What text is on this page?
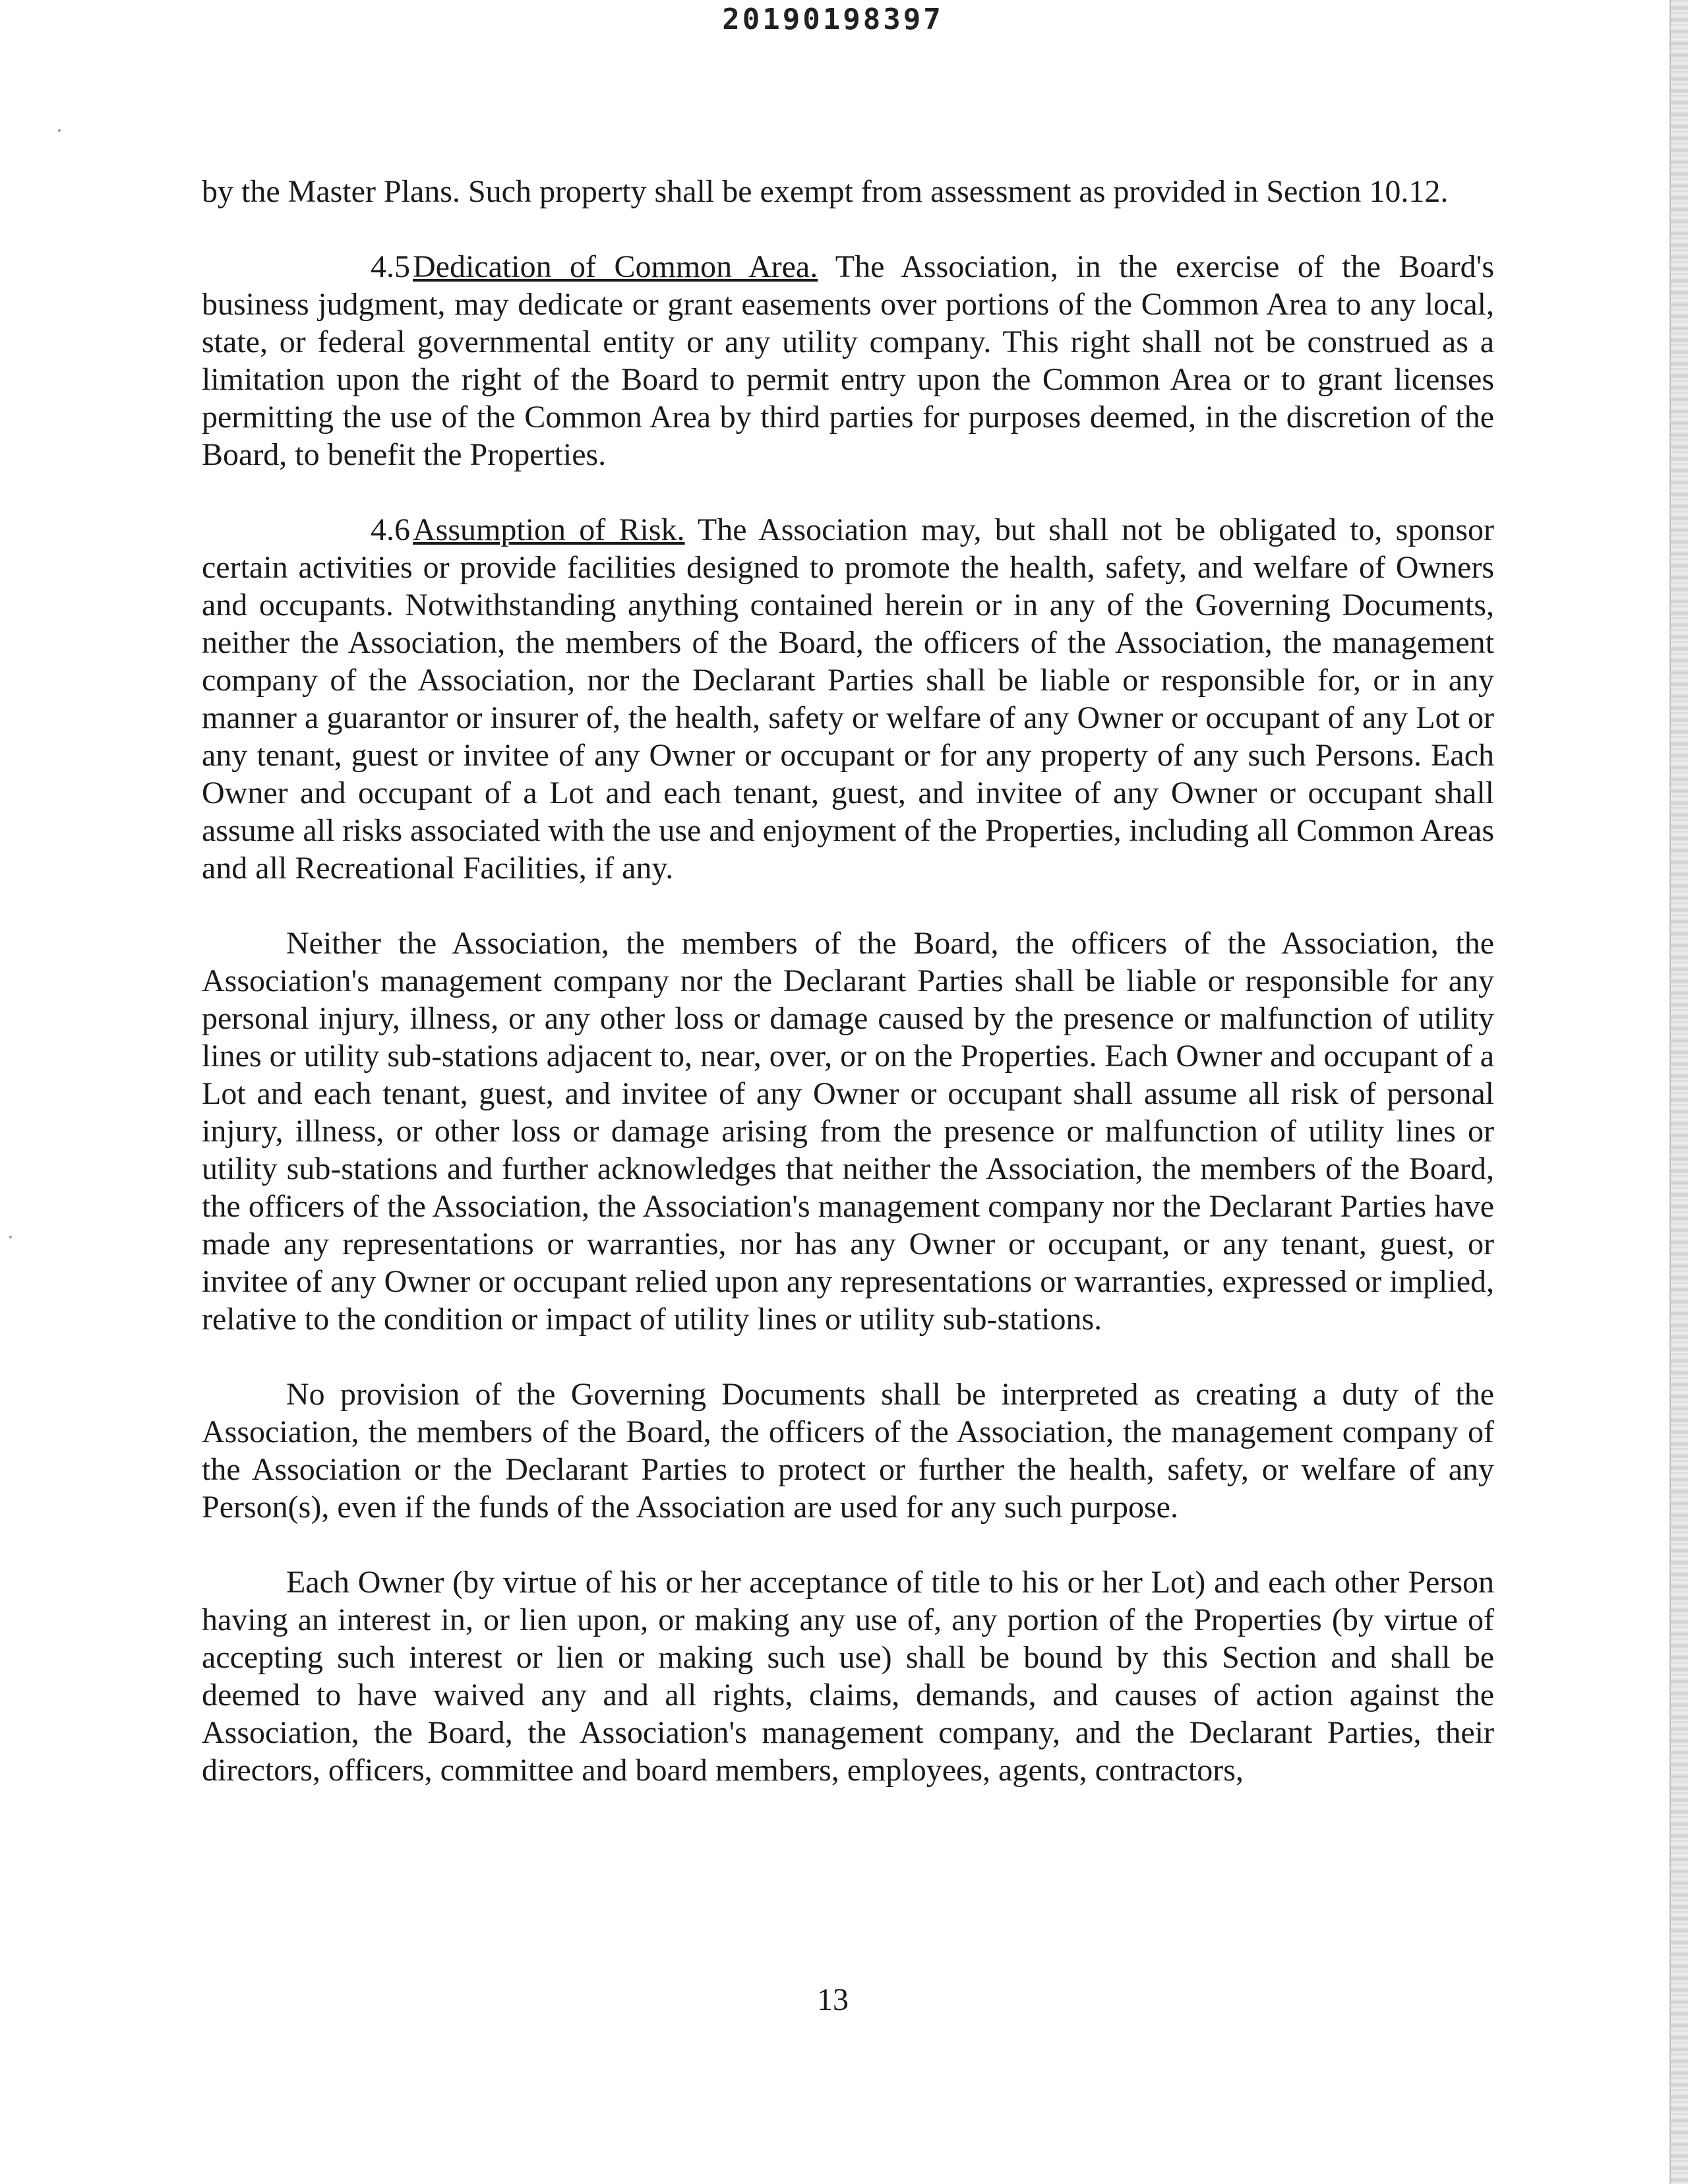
20190198397

by the Master Plans. Such property shall be exempt from assessment as provided in Section 10.12.

4.5Dedication of Common Area. The Association, in the exercise of the Board's business judgment, may dedicate or grant easements over portions of the Common Area to any local, state, or federal governmental entity or any utility company. This right shall not be construed as a limitation upon the right of the Board to permit entry upon the Common Area or to grant licenses permitting the use of the Common Area by third parties for purposes deemed, in the discretion of the Board, to benefit the Properties.

4.6Assumption of Risk. The Association may, but shall not be obligated to, sponsor certain activities or provide facilities designed to promote the health, safety, and welfare of Owners and occupants. Notwithstanding anything contained herein or in any of the Governing Documents, neither the Association, the members of the Board, the officers of the Association, the management company of the Association, nor the Declarant Parties shall be liable or responsible for, or in any manner a guarantor or insurer of, the health, safety or welfare of any Owner or occupant of any Lot or any tenant, guest or invitee of any Owner or occupant or for any property of any such Persons. Each Owner and occupant of a Lot and each tenant, guest, and invitee of any Owner or occupant shall assume all risks associated with the use and enjoyment of the Properties, including all Common Areas and all Recreational Facilities, if any.

Neither the Association, the members of the Board, the officers of the Association, the Association's management company nor the Declarant Parties shall be liable or responsible for any personal injury, illness, or any other loss or damage caused by the presence or malfunction of utility lines or utility sub-stations adjacent to, near, over, or on the Properties. Each Owner and occupant of a Lot and each tenant, guest, and invitee of any Owner or occupant shall assume all risk of personal injury, illness, or other loss or damage arising from the presence or malfunction of utility lines or utility sub-stations and further acknowledges that neither the Association, the members of the Board, the officers of the Association, the Association's management company nor the Declarant Parties have made any representations or warranties, nor has any Owner or occupant, or any tenant, guest, or invitee of any Owner or occupant relied upon any representations or warranties, expressed or implied, relative to the condition or impact of utility lines or utility sub-stations.

No provision of the Governing Documents shall be interpreted as creating a duty of the Association, the members of the Board, the officers of the Association, the management company of the Association or the Declarant Parties to protect or further the health, safety, or welfare of any Person(s), even if the funds of the Association are used for any such purpose.

Each Owner (by virtue of his or her acceptance of title to his or her Lot) and each other Person having an interest in, or lien upon, or making any use of, any portion of the Properties (by virtue of accepting such interest or lien or making such use) shall be bound by this Section and shall be deemed to have waived any and all rights, claims, demands, and causes of action against the Association, the Board, the Association's management company, and the Declarant Parties, their directors, officers, committee and board members, employees, agents, contractors,

13
